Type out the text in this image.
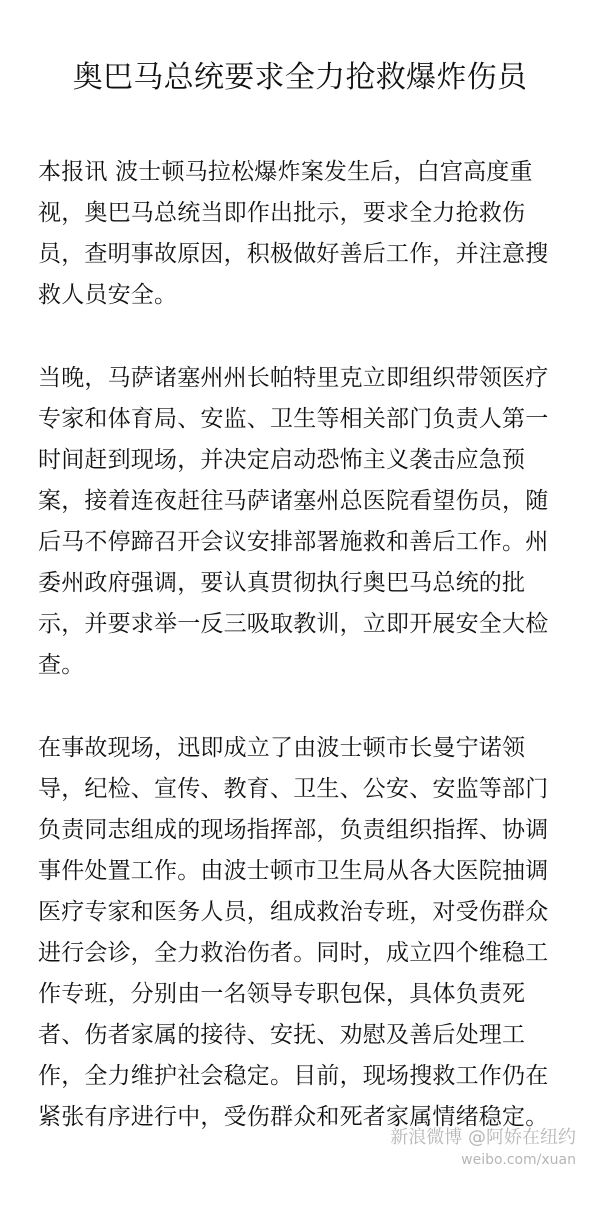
奥巴马总统要求全力抢救爆炸伤员

本报讯 波士顿马拉松爆炸案发生后，白宫高度重视，奥巴马总统当即作出批示，要求全力抢救伤员，查明事故原因，积极做好善后工作，并注意搜救人员安全。

当晚，马萨诸塞州州长帕特里克立即组织带领医疗专家和体育局、安监、卫生等相关部门负责人第一时间赶到现场，并决定启动恐怖主义袭击应急预案，接着连夜赶往马萨诸塞州总医院看望伤员，随后马不停蹄召开会议安排部署施救和善后工作。州委州政府强调，要认真贯彻执行奥巴马总统的批示，并要求举一反三吸取教训，立即开展安全大检查。

在事故现场，迅即成立了由波士顿市长曼宁诺领导，纪检、宣传、教育、卫生、公安、安监等部门负责同志组成的现场指挥部，负责组织指挥、协调事件处置工作。由波士顿市卫生局从各大医院抽调医疗专家和医务人员，组成救治专班，对受伤群众进行会诊，全力救治伤者。同时，成立四个维稳工作专班，分别由一名领导专职包保，具体负责死者、伤者家属的接待、安抚、劝慰及善后处理工作，全力维护社会稳定。目前，现场搜救工作仍在紧张有序进行中，受伤群众和死者家属情绪稳定。

新浪微博 @阿娇在纽约
weibo.com/xuan
